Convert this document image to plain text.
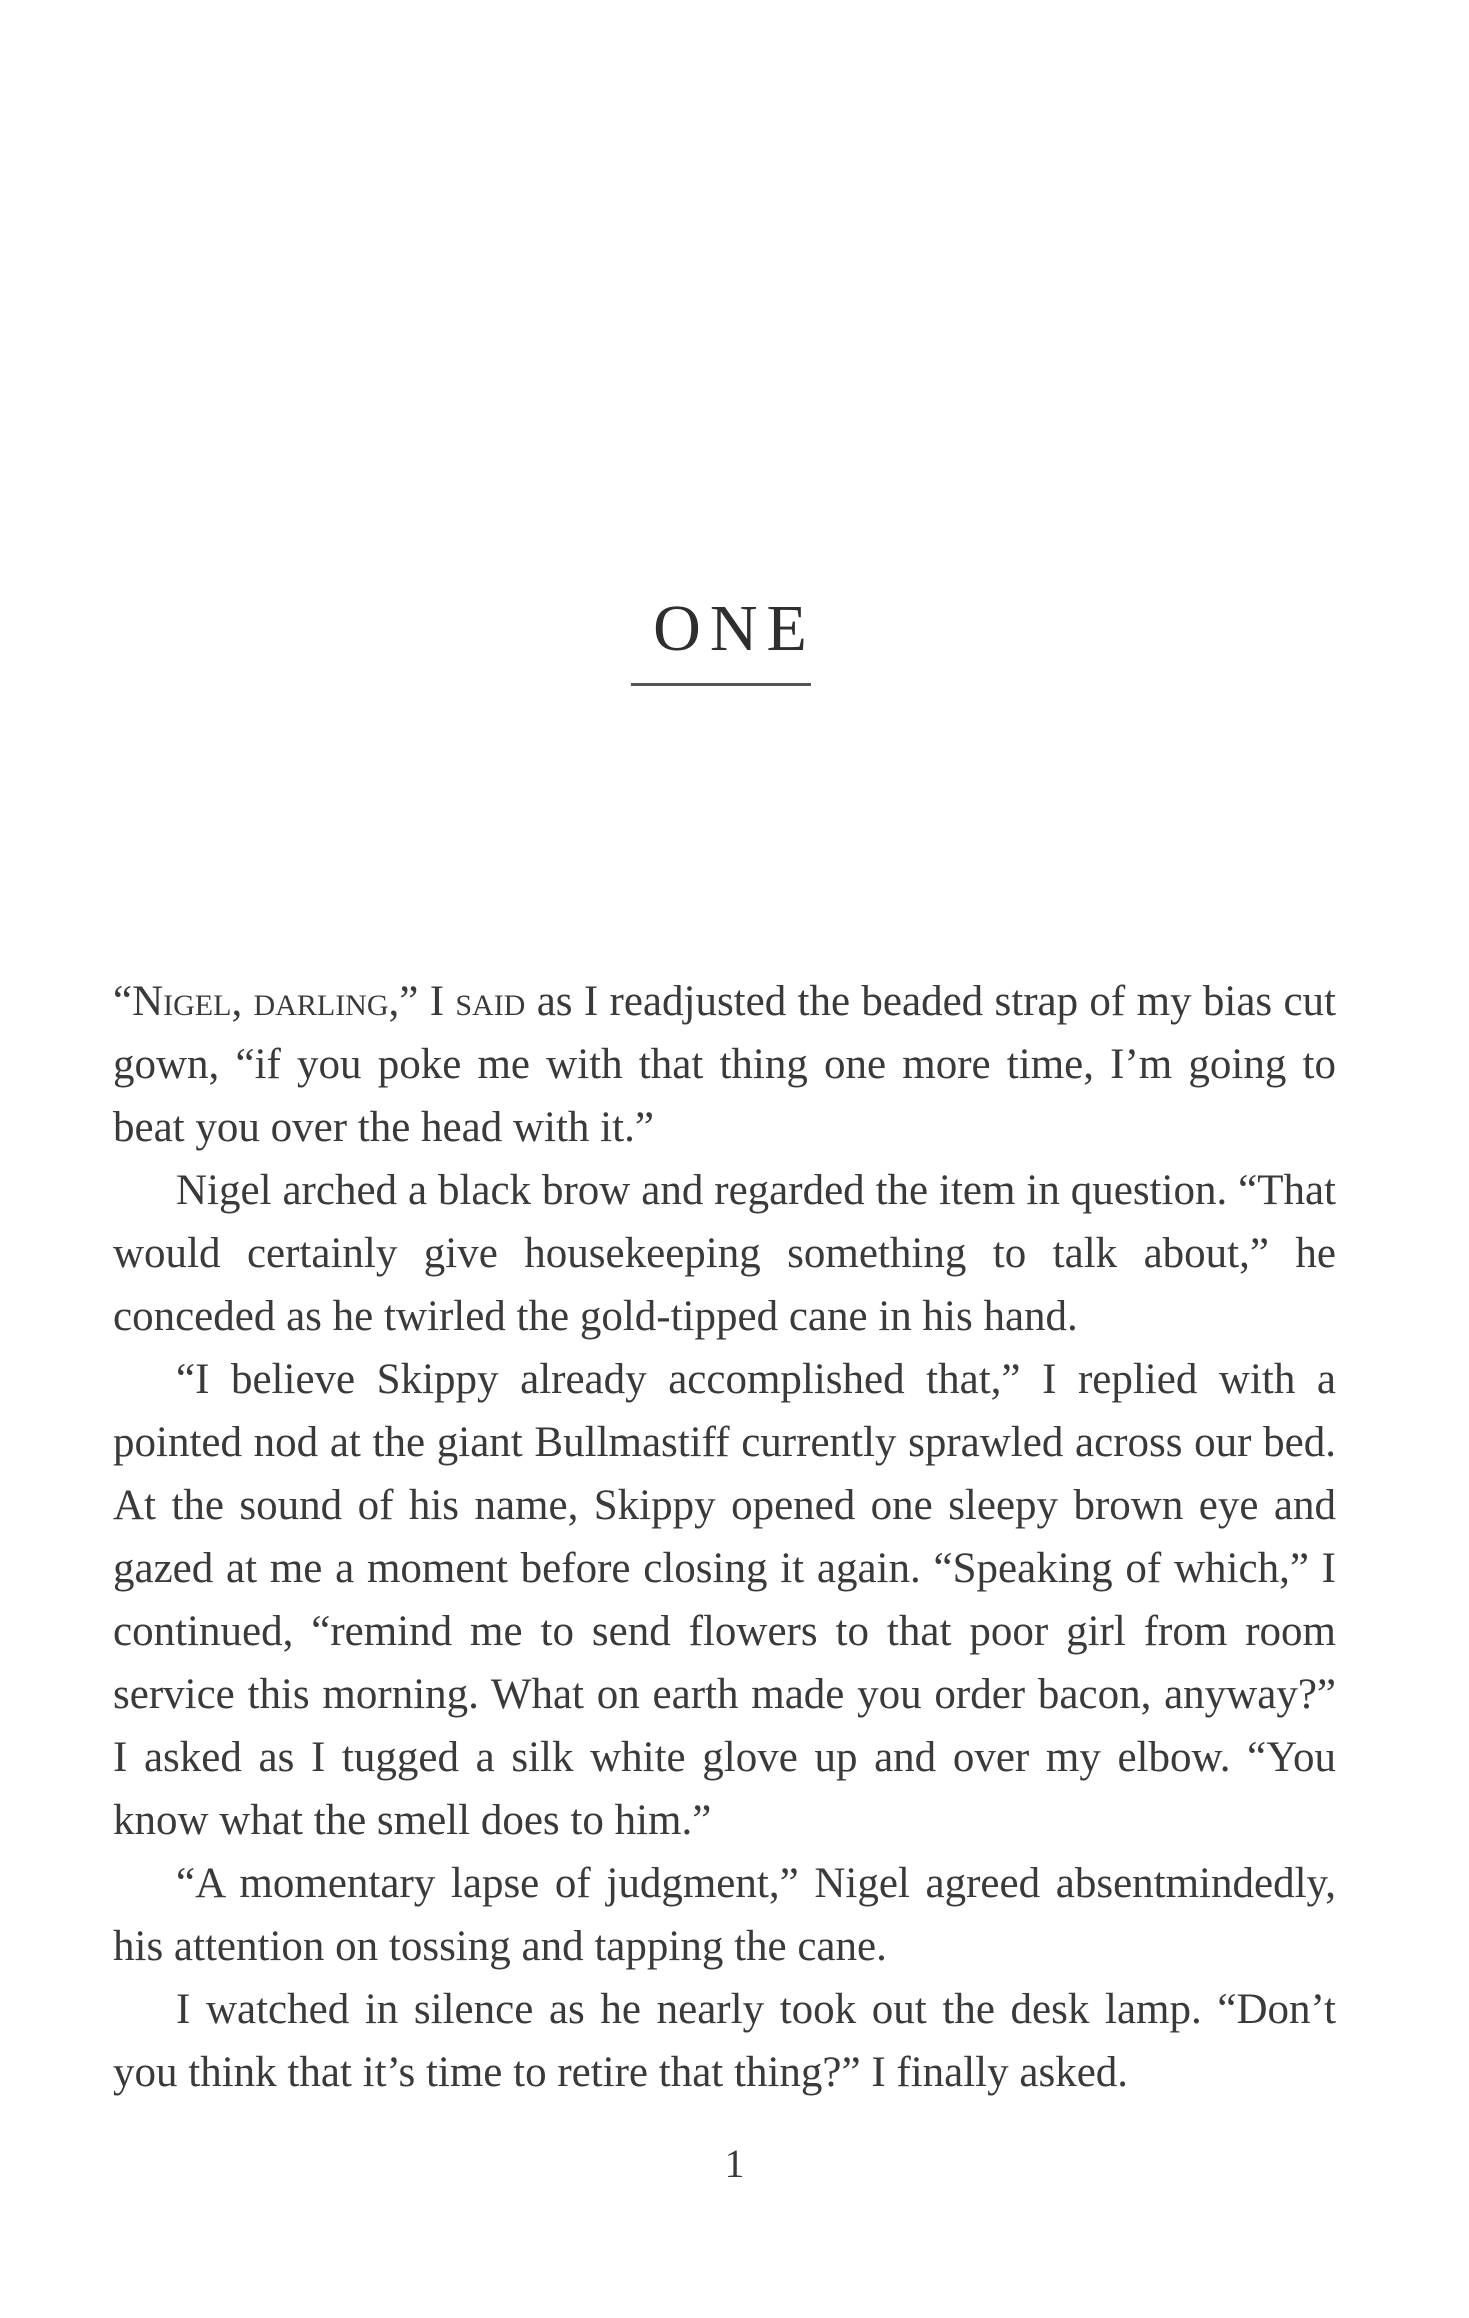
ONE

“Nigel, darling,” I said as I readjusted the beaded strap of my bias cut gown, “if you poke me with that thing one more time, I’m going to beat you over the head with it.”

Nigel arched a black brow and regarded the item in question. “That would certainly give housekeeping something to talk about,” he conceded as he twirled the gold-tipped cane in his hand.

“I believe Skippy already accomplished that,” I replied with a pointed nod at the giant Bullmastiff currently sprawled across our bed. At the sound of his name, Skippy opened one sleepy brown eye and gazed at me a moment before closing it again. “Speaking of which,” I continued, “remind me to send flowers to that poor girl from room service this morning. What on earth made you order bacon, anyway?” I asked as I tugged a silk white glove up and over my elbow. “You know what the smell does to him.”

“A momentary lapse of judgment,” Nigel agreed absentmindedly, his attention on tossing and tapping the cane.

I watched in silence as he nearly took out the desk lamp. “Don’t you think that it’s time to retire that thing?” I finally asked.

1
